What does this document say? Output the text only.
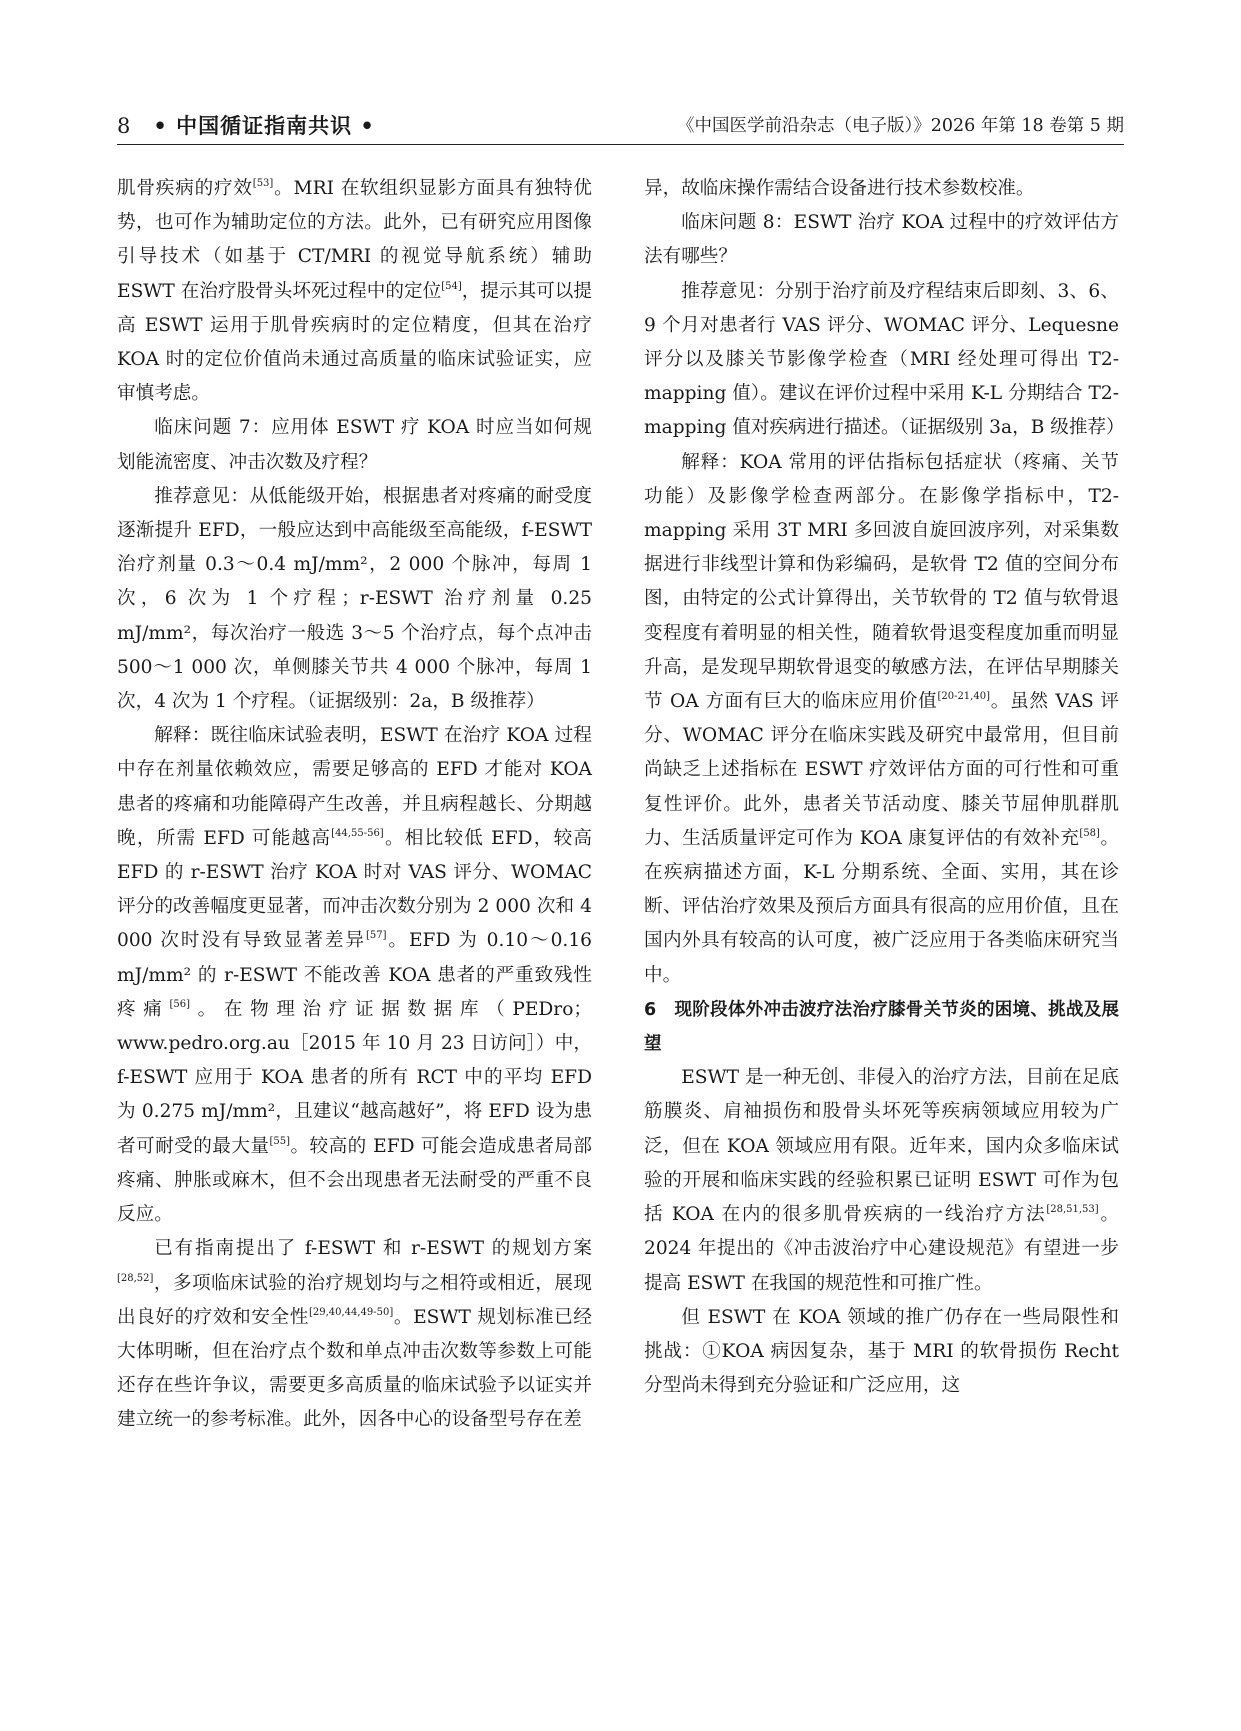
8 • 中国循证指南共识 •	《中国医学前沿杂志（电子版）》2026 年第 18 卷第 5 期

肌骨疾病的疗效[53]。MRI 在软组织显影方面具有独特优势，也可作为辅助定位的方法。此外，已有研究应用图像引导技术（如基于 CT/MRI 的视觉导航系统）辅助 ESWT 在治疗股骨头坏死过程中的定位[54]，提示其可以提高 ESWT 运用于肌骨疾病时的定位精度，但其在治疗 KOA 时的定位价值尚未通过高质量的临床试验证实，应审慎考虑。

临床问题 7：应用体 ESWT 疗 KOA 时应当如何规划能流密度、冲击次数及疗程？

推荐意见：从低能级开始，根据患者对疼痛的耐受度逐渐提升 EFD，一般应达到中高能级至高能级，f-ESWT 治疗剂量 0.3～0.4 mJ/mm²，2 000 个脉冲，每周 1 次，6 次为 1 个疗程；r-ESWT 治疗剂量 0.25 mJ/mm²，每次治疗一般选 3～5 个治疗点，每个点冲击 500～1 000 次，单侧膝关节共 4 000 个脉冲，每周 1 次，4 次为 1 个疗程。（证据级别：2a，B 级推荐）

解释：既往临床试验表明，ESWT 在治疗 KOA 过程中存在剂量依赖效应，需要足够高的 EFD 才能对 KOA 患者的疼痛和功能障碍产生改善，并且病程越长、分期越晚，所需 EFD 可能越高[44,55-56]。相比较低 EFD，较高 EFD 的 r-ESWT 治疗 KOA 时对 VAS 评分、WOMAC 评分的改善幅度更显著，而冲击次数分别为 2 000 次和 4 000 次时没有导致显著差异[57]。EFD 为 0.10～0.16 mJ/mm² 的 r-ESWT 不能改善 KOA 患者的严重致残性疼痛[56]。在物理治疗证据数据库（PEDro；www.pedro.org.au［2015 年 10 月 23 日访问］）中，f-ESWT 应用于 KOA 患者的所有 RCT 中的平均 EFD 为 0.275 mJ/mm²，且建议“越高越好”，将 EFD 设为患者可耐受的最大量[55]。较高的 EFD 可能会造成患者局部疼痛、肿胀或麻木，但不会出现患者无法耐受的严重不良反应。

已有指南提出了 f-ESWT 和 r-ESWT 的规划方案[28,52]，多项临床试验的治疗规划均与之相符或相近，展现出良好的疗效和安全性[29,40,44,49-50]。ESWT 规划标准已经大体明晰，但在治疗点个数和单点冲击次数等参数上可能还存在些许争议，需要更多高质量的临床试验予以证实并建立统一的参考标准。此外，因各中心的设备型号存在差

异，故临床操作需结合设备进行技术参数校准。

临床问题 8：ESWT 治疗 KOA 过程中的疗效评估方法有哪些？

推荐意见：分别于治疗前及疗程结束后即刻、3、6、9 个月对患者行 VAS 评分、WOMAC 评分、Lequesne 评分以及膝关节影像学检查（MRI 经处理可得出 T2-mapping 值）。建议在评价过程中采用 K-L 分期结合 T2-mapping 值对疾病进行描述。（证据级别 3a，B 级推荐）

解释：KOA 常用的评估指标包括症状（疼痛、关节功能）及影像学检查两部分。在影像学指标中，T2-mapping 采用 3T MRI 多回波自旋回波序列，对采集数据进行非线型计算和伪彩编码，是软骨 T2 值的空间分布图，由特定的公式计算得出，关节软骨的 T2 值与软骨退变程度有着明显的相关性，随着软骨退变程度加重而明显升高，是发现早期软骨退变的敏感方法，在评估早期膝关节 OA 方面有巨大的临床应用价值[20-21,40]。虽然 VAS 评分、WOMAC 评分在临床实践及研究中最常用，但目前尚缺乏上述指标在 ESWT 疗效评估方面的可行性和可重复性评价。此外，患者关节活动度、膝关节屈伸肌群肌力、生活质量评定可作为 KOA 康复评估的有效补充[58]。在疾病描述方面，K-L 分期系统、全面、实用，其在诊断、评估治疗效果及预后方面具有很高的应用价值，且在国内外具有较高的认可度，被广泛应用于各类临床研究当中。

6 现阶段体外冲击波疗法治疗膝骨关节炎的困境、挑战及展望

ESWT 是一种无创、非侵入的治疗方法，目前在足底筋膜炎、肩袖损伤和股骨头坏死等疾病领域应用较为广泛，但在 KOA 领域应用有限。近年来，国内众多临床试验的开展和临床实践的经验积累已证明 ESWT 可作为包括 KOA 在内的很多肌骨疾病的一线治疗方法[28,51,53]。2024 年提出的《冲击波治疗中心建设规范》有望进一步提高 ESWT 在我国的规范性和可推广性。

但 ESWT 在 KOA 领域的推广仍存在一些局限性和挑战：①KOA 病因复杂，基于 MRI 的软骨损伤 Recht 分型尚未得到充分验证和广泛应用，这
